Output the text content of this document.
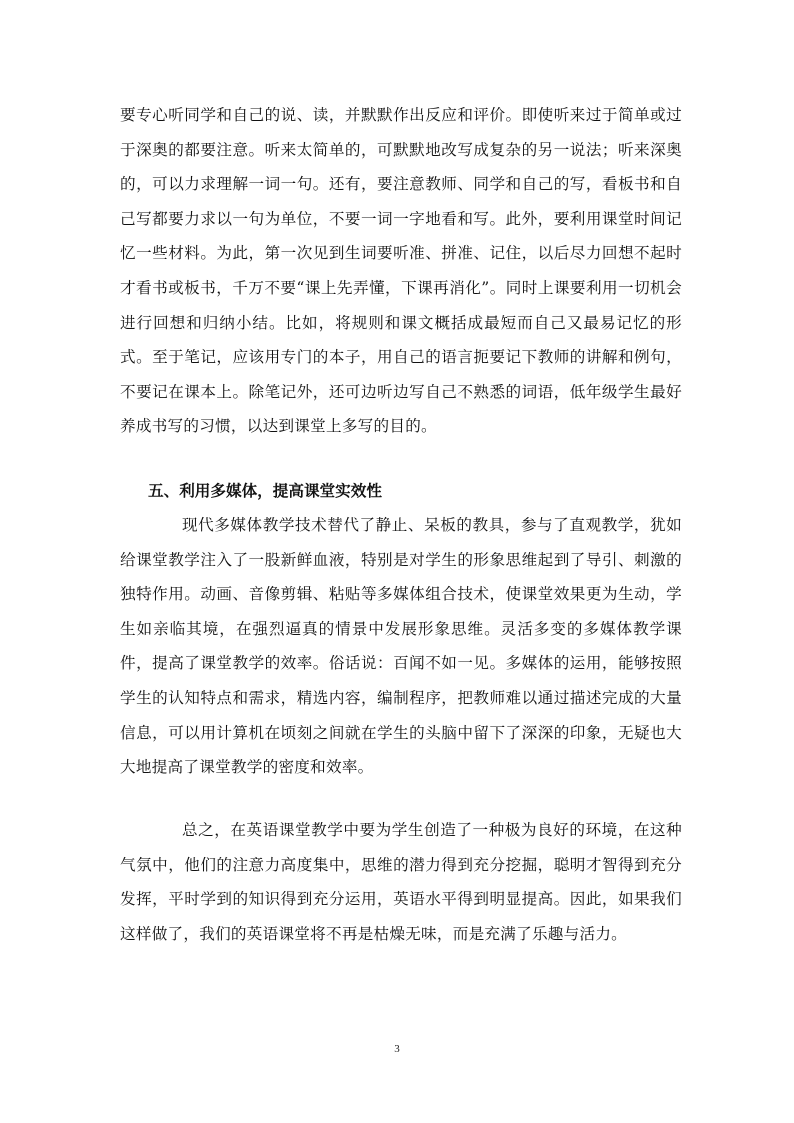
要专心听同学和自己的说、读，并默默作出反应和评价。即使听来过于简单或过于深奥的都要注意。听来太简单的，可默默地改写成复杂的另一说法；听来深奥的，可以力求理解一词一句。还有，要注意教师、同学和自己的写，看板书和自己写都要力求以一句为单位，不要一词一字地看和写。此外，要利用课堂时间记忆一些材料。为此，第一次见到生词要听准、拼准、记住，以后尽力回想不起时才看书或板书，千万不要“课上先弄懂，下课再消化”。同时上课要利用一切机会进行回想和归纳小结。比如，将规则和课文概括成最短而自己又最易记忆的形式。至于笔记，应该用专门的本子，用自己的语言扼要记下教师的讲解和例句，不要记在课本上。除笔记外，还可边听边写自己不熟悉的词语，低年级学生最好养成书写的习惯，以达到课堂上多写的目的。

五、利用多媒体，提高课堂实效性

现代多媒体教学技术替代了静止、呆板的教具，参与了直观教学，犹如给课堂教学注入了一股新鲜血液，特别是对学生的形象思维起到了导引、刺激的独特作用。动画、音像剪辑、粘贴等多媒体组合技术，使课堂效果更为生动，学生如亲临其境，在强烈逼真的情景中发展形象思维。灵活多变的多媒体教学课件，提高了课堂教学的效率。俗话说：百闻不如一见。多媒体的运用，能够按照学生的认知特点和需求，精选内容，编制程序，把教师难以通过描述完成的大量信息，可以用计算机在顷刻之间就在学生的头脑中留下了深深的印象，无疑也大大地提高了课堂教学的密度和效率。

总之，在英语课堂教学中要为学生创造了一种极为良好的环境，在这种气氛中，他们的注意力高度集中，思维的潜力得到充分挖掘，聪明才智得到充分发挥，平时学到的知识得到充分运用，英语水平得到明显提高。因此，如果我们这样做了，我们的英语课堂将不再是枯燥无味，而是充满了乐趣与活力。

3
